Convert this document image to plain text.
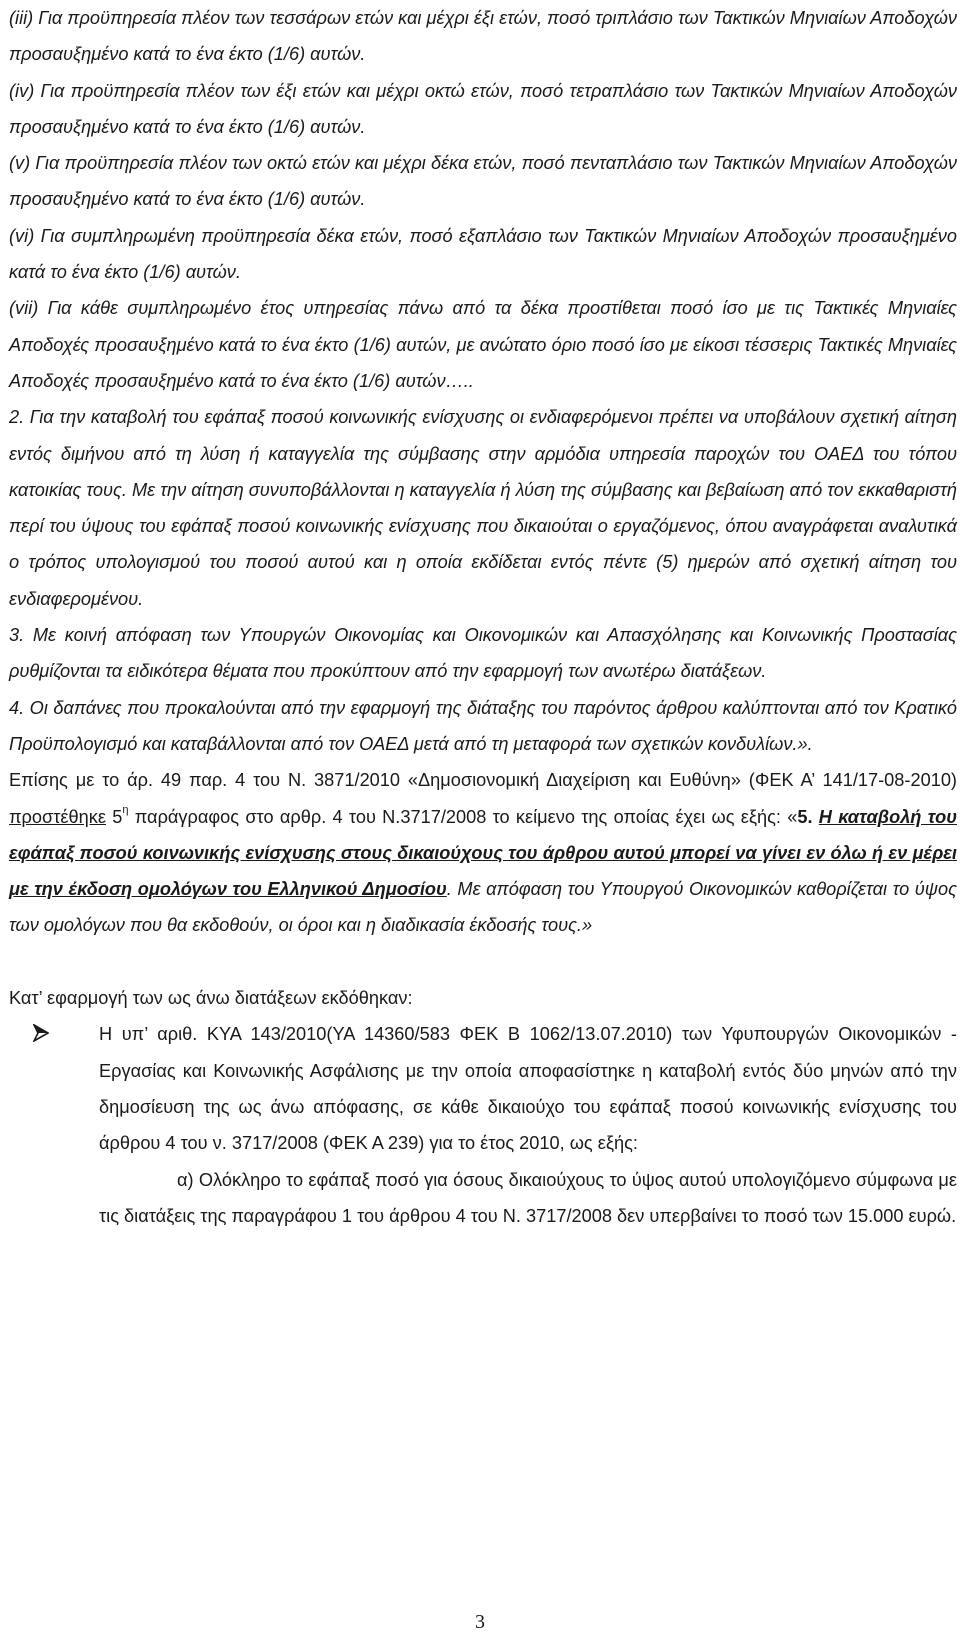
(iii) Για προϋπηρεσία πλέον των τεσσάρων ετών και μέχρι έξι ετών, ποσό τριπλάσιο των Τακτικών Μηνιαίων Αποδοχών προσαυξημένο κατά το ένα έκτο (1/6) αυτών.

(iv) Για προϋπηρεσία πλέον των έξι ετών και μέχρι οκτώ ετών, ποσό τετραπλάσιο των Τακτικών Μηνιαίων Αποδοχών προσαυξημένο κατά το ένα έκτο (1/6) αυτών.

(v) Για προϋπηρεσία πλέον των οκτώ ετών και μέχρι δέκα ετών, ποσό πενταπλάσιο των Τακτικών Μηνιαίων Αποδοχών προσαυξημένο κατά το ένα έκτο (1/6) αυτών.

(vi) Για συμπληρωμένη προϋπηρεσία δέκα ετών, ποσό εξαπλάσιο των Τακτικών Μηνιαίων Αποδοχών προσαυξημένο κατά το ένα έκτο (1/6) αυτών.

(vii) Για κάθε συμπληρωμένο έτος υπηρεσίας πάνω από τα δέκα προστίθεται ποσό ίσο με τις Τακτικές Μηνιαίες Αποδοχές προσαυξημένο κατά το ένα έκτο (1/6) αυτών, με ανώτατο όριο ποσό ίσο με είκοσι τέσσερις Τακτικές Μηνιαίες Αποδοχές προσαυξημένο κατά το ένα έκτο (1/6) αυτών…..

2. Για την καταβολή του εφάπαξ ποσού κοινωνικής ενίσχυσης οι ενδιαφερόμενοι πρέπει να υποβάλουν σχετική αίτηση εντός διμήνου από τη λύση ή καταγγελία της σύμβασης στην αρμόδια υπηρεσία παροχών του ΟΑΕΔ του τόπου κατοικίας τους. Με την αίτηση συνυποβάλλονται η καταγγελία ή λύση της σύμβασης και βεβαίωση από τον εκκαθαριστή περί του ύψους του εφάπαξ ποσού κοινωνικής ενίσχυσης που δικαιούται ο εργαζόμενος, όπου αναγράφεται αναλυτικά ο τρόπος υπολογισμού του ποσού αυτού και η οποία εκδίδεται εντός πέντε (5) ημερών από σχετική αίτηση του ενδιαφερομένου.

3. Με κοινή απόφαση των Υπουργών Οικονομίας και Οικονομικών και Απασχόλησης και Κοινωνικής Προστασίας ρυθμίζονται τα ειδικότερα θέματα που προκύπτουν από την εφαρμογή των ανωτέρω διατάξεων.

4. Οι δαπάνες που προκαλούνται από την εφαρμογή της διάταξης του παρόντος άρθρου καλύπτονται από τον Κρατικό Προϋπολογισμό και καταβάλλονται από τον ΟΑΕΔ μετά από τη μεταφορά των σχετικών κονδυλίων.».

Επίσης με το άρ. 49 παρ. 4 του Ν. 3871/2010 «Δημοσιονομική Διαχείριση και Ευθύνη» (ΦΕΚ Α’ 141/17-08-2010) προστέθηκε $5^\eta$ παράγραφος στο αρθρ. 4 του Ν.3717/2008 το κείμενο της οποίας έχει ως εξής: «5. Η καταβολή του εφάπαξ ποσού κοινωνικής ενίσχυσης στους δικαιούχους του άρθρου αυτού μπορεί να γίνει εν όλω ή εν μέρει με την έκδοση ομολόγων του Ελληνικού Δημοσίου. Με απόφαση του Υπουργού Οικονομικών καθορίζεται το ύψος των ομολόγων που θα εκδοθούν, οι όροι και η διαδικασία έκδοσής τους.»

Κατ’ εφαρμογή των ως άνω διατάξεων εκδόθηκαν:

Η υπ’ αριθ. ΚΥΑ 143/2010(ΥΑ 14360/583 ΦΕΚ Β 1062/13.07.2010) των Υφυπουργών Οικονομικών - Εργασίας και Κοινωνικής Ασφάλισης με την οποία αποφασίστηκε η καταβολή εντός δύο μηνών από την δημοσίευση της ως άνω απόφασης, σε κάθε δικαιούχο του εφάπαξ ποσού κοινωνικής ενίσχυσης του άρθρου 4 του ν. 3717/2008 (ΦΕΚ Α 239) για το έτος 2010, ως εξής:

α) Ολόκληρο το εφάπαξ ποσό για όσους δικαιούχους το ύψος αυτού υπολογιζόμενο σύμφωνα με τις διατάξεις της παραγράφου 1 του άρθρου 4 του Ν. 3717/2008 δεν υπερβαίνει το ποσό των 15.000 ευρώ.

3
